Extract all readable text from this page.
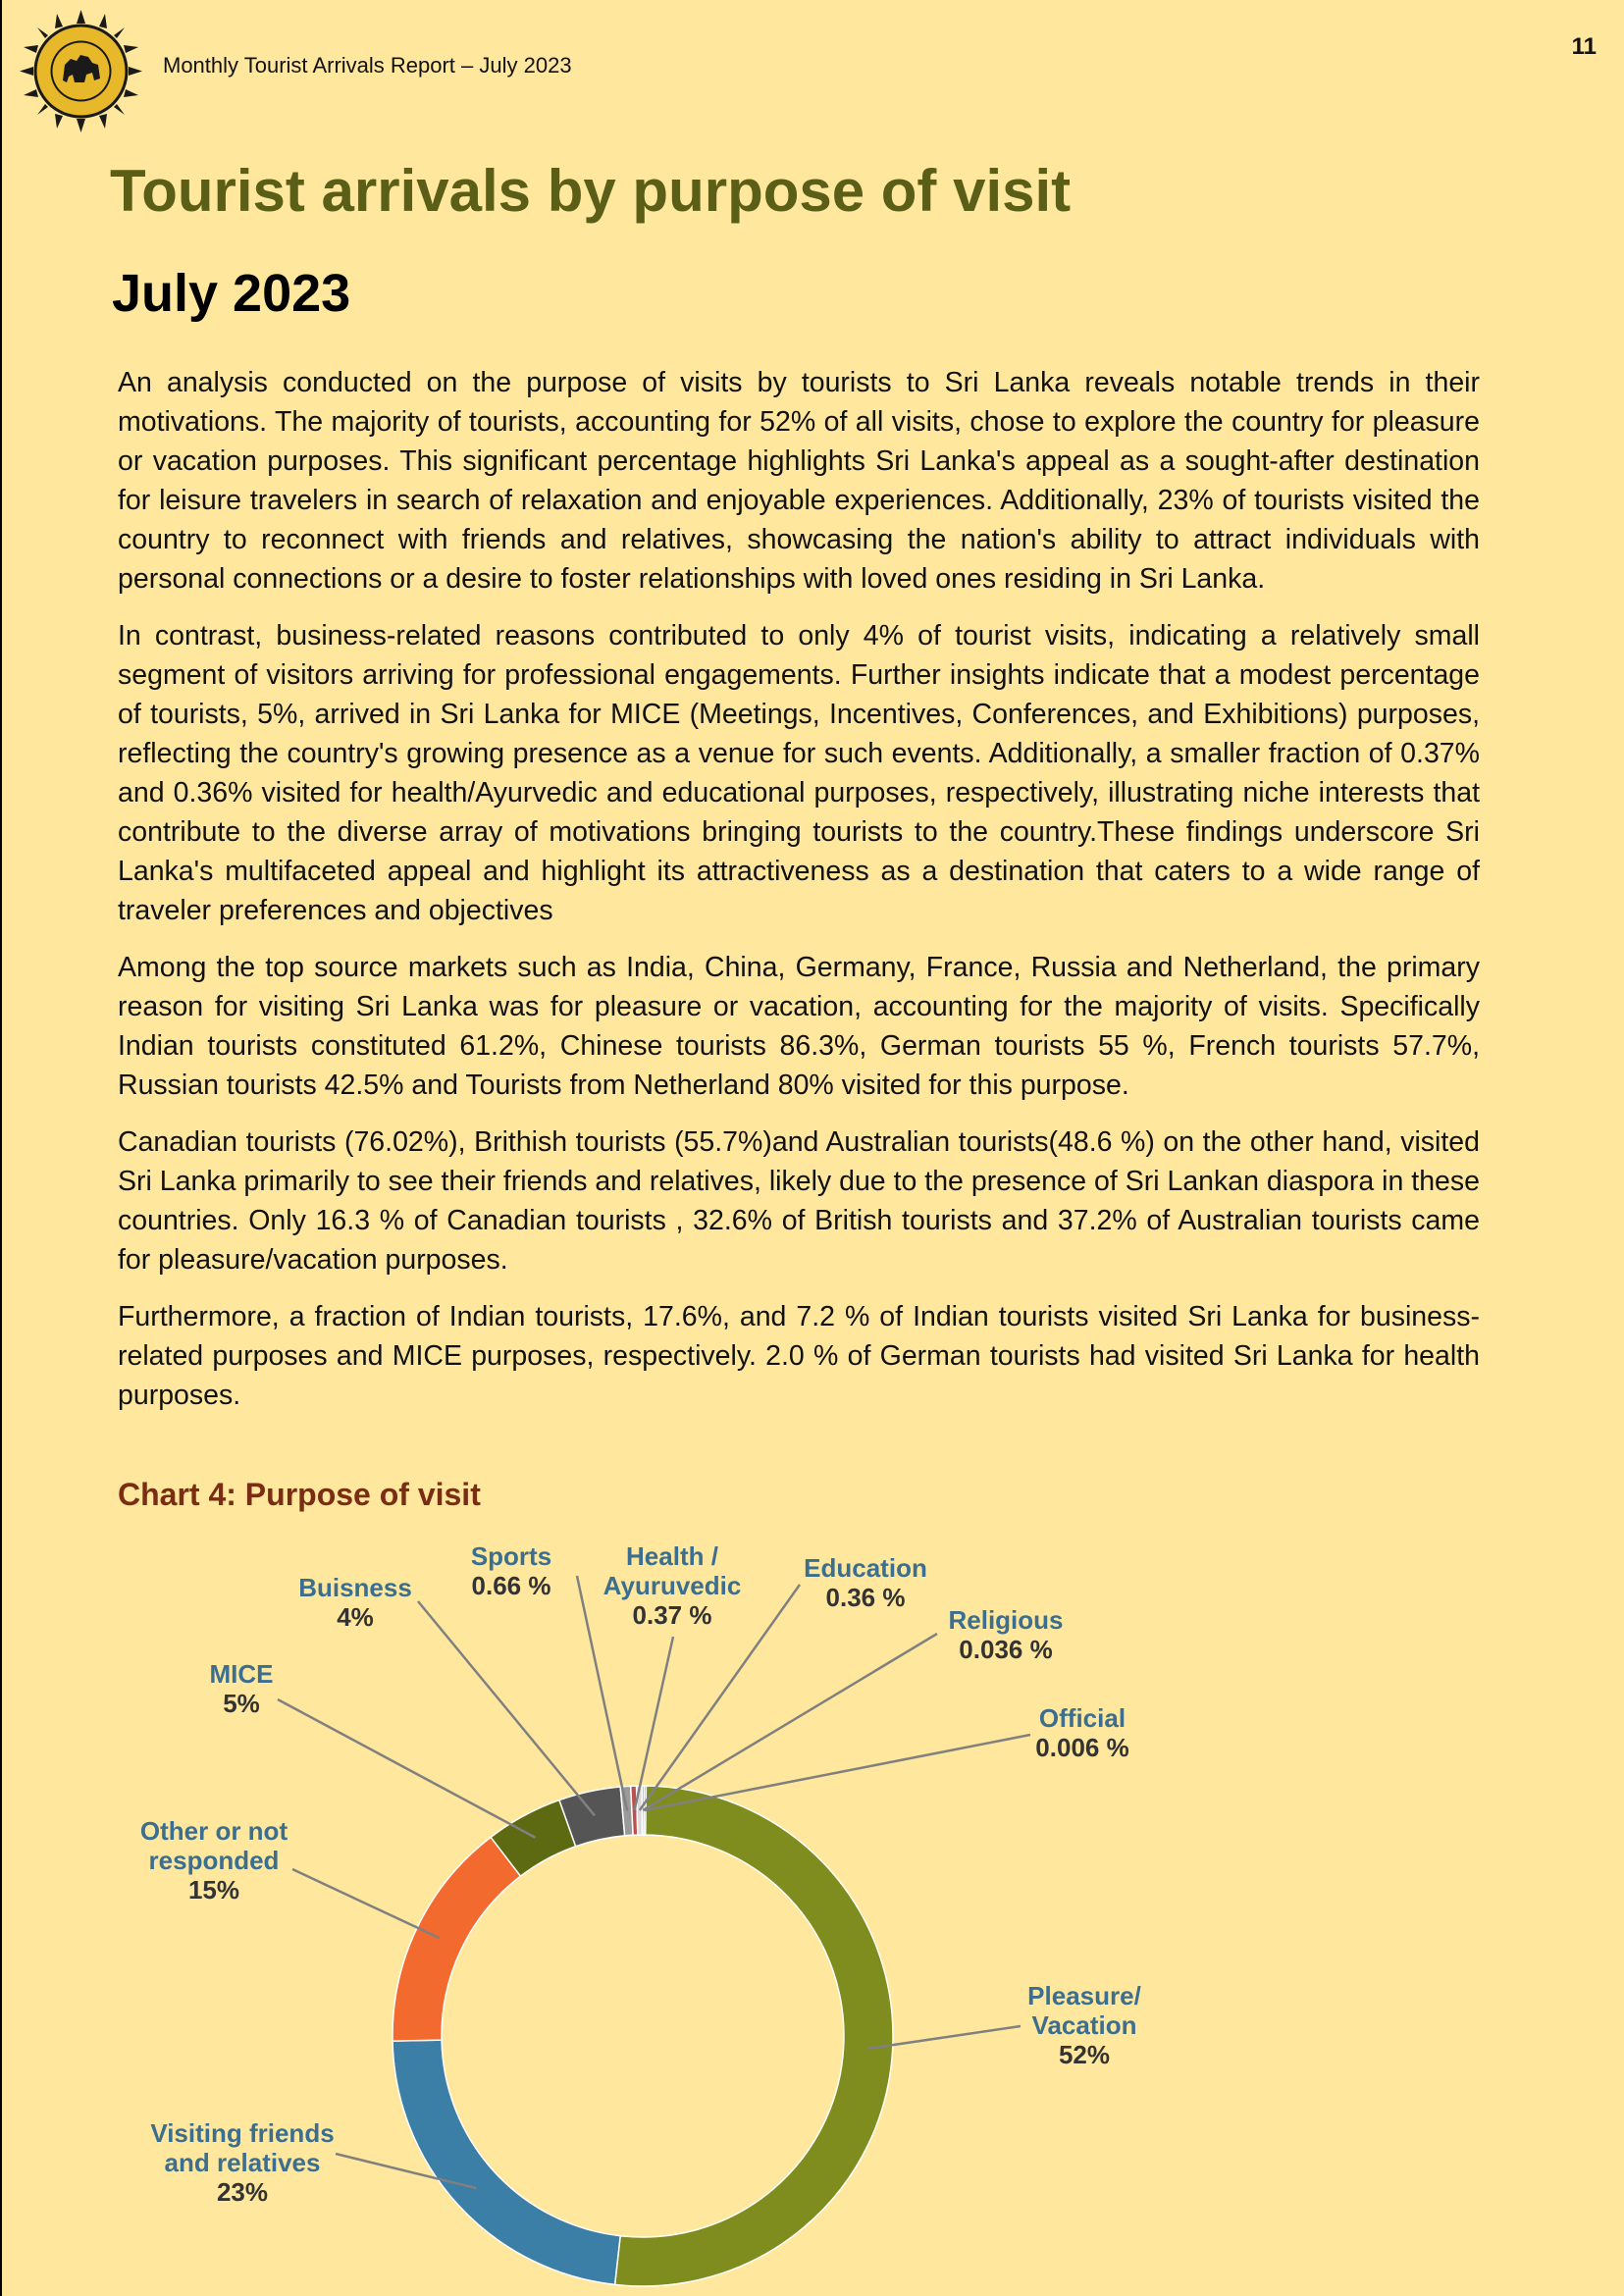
Monthly Tourist Arrivals Report – July 2023
11
Tourist arrivals by purpose of visit
July 2023

An analysis conducted on the purpose of visits by tourists to Sri Lanka reveals notable trends in their motivations. The majority of tourists, accounting for 52% of all visits, chose to explore the country for pleasure or vacation purposes. This significant percentage highlights Sri Lanka's appeal as a sought-after destination for leisure travelers in search of relaxation and enjoyable experiences. Additionally, 23% of tourists visited the country to reconnect with friends and relatives, showcasing the nation's ability to attract individuals with personal connections or a desire to foster relationships with loved ones residing in Sri Lanka.

In contrast, business-related reasons contributed to only 4% of tourist visits, indicating a relatively small segment of visitors arriving for professional engagements. Further insights indicate that a modest percentage of tourists, 5%, arrived in Sri Lanka for MICE (Meetings, Incentives, Conferences, and Exhibitions) purposes, reflecting the country's growing presence as a venue for such events. Additionally, a smaller fraction of 0.37% and 0.36% visited for health/Ayurvedic and educational purposes, respectively, illustrating niche interests that contribute to the diverse array of motivations bringing tourists to the country.These findings underscore Sri Lanka's multifaceted appeal and highlight its attractiveness as a destination that caters to a wide range of traveler preferences and objectives

Among the top source markets such as India, China, Germany, France, Russia and Netherland, the primary reason for visiting Sri Lanka was for pleasure or vacation, accounting for the majority of visits. Specifically Indian tourists constituted 61.2%, Chinese tourists 86.3%, German tourists 55 %, French tourists 57.7%, Russian tourists 42.5% and Tourists from Netherland 80% visited for this purpose.

Canadian tourists (76.02%), Brithish tourists (55.7%)and Australian tourists(48.6 %) on the other hand, visited Sri Lanka primarily to see their friends and relatives, likely due to the presence of Sri Lankan diaspora in these countries. Only 16.3 % of Canadian tourists , 32.6% of British tourists and 37.2% of Australian tourists came for pleasure/vacation purposes.

Furthermore, a fraction of Indian tourists, 17.6%, and 7.2 % of Indian tourists visited Sri Lanka for business-related purposes and MICE purposes, respectively. 2.0 % of German tourists had visited Sri Lanka for health purposes.

Chart 4: Purpose of visit
Pleasure/ Vacation 52%
Visiting friends and relatives 23%
Other or not responded 15%
MICE 5%
Buisness 4%
Sports 0.66 %
Health / Ayuruvedic 0.37 %
Education 0.36 %
Religious 0.036 %
Official 0.006 %
